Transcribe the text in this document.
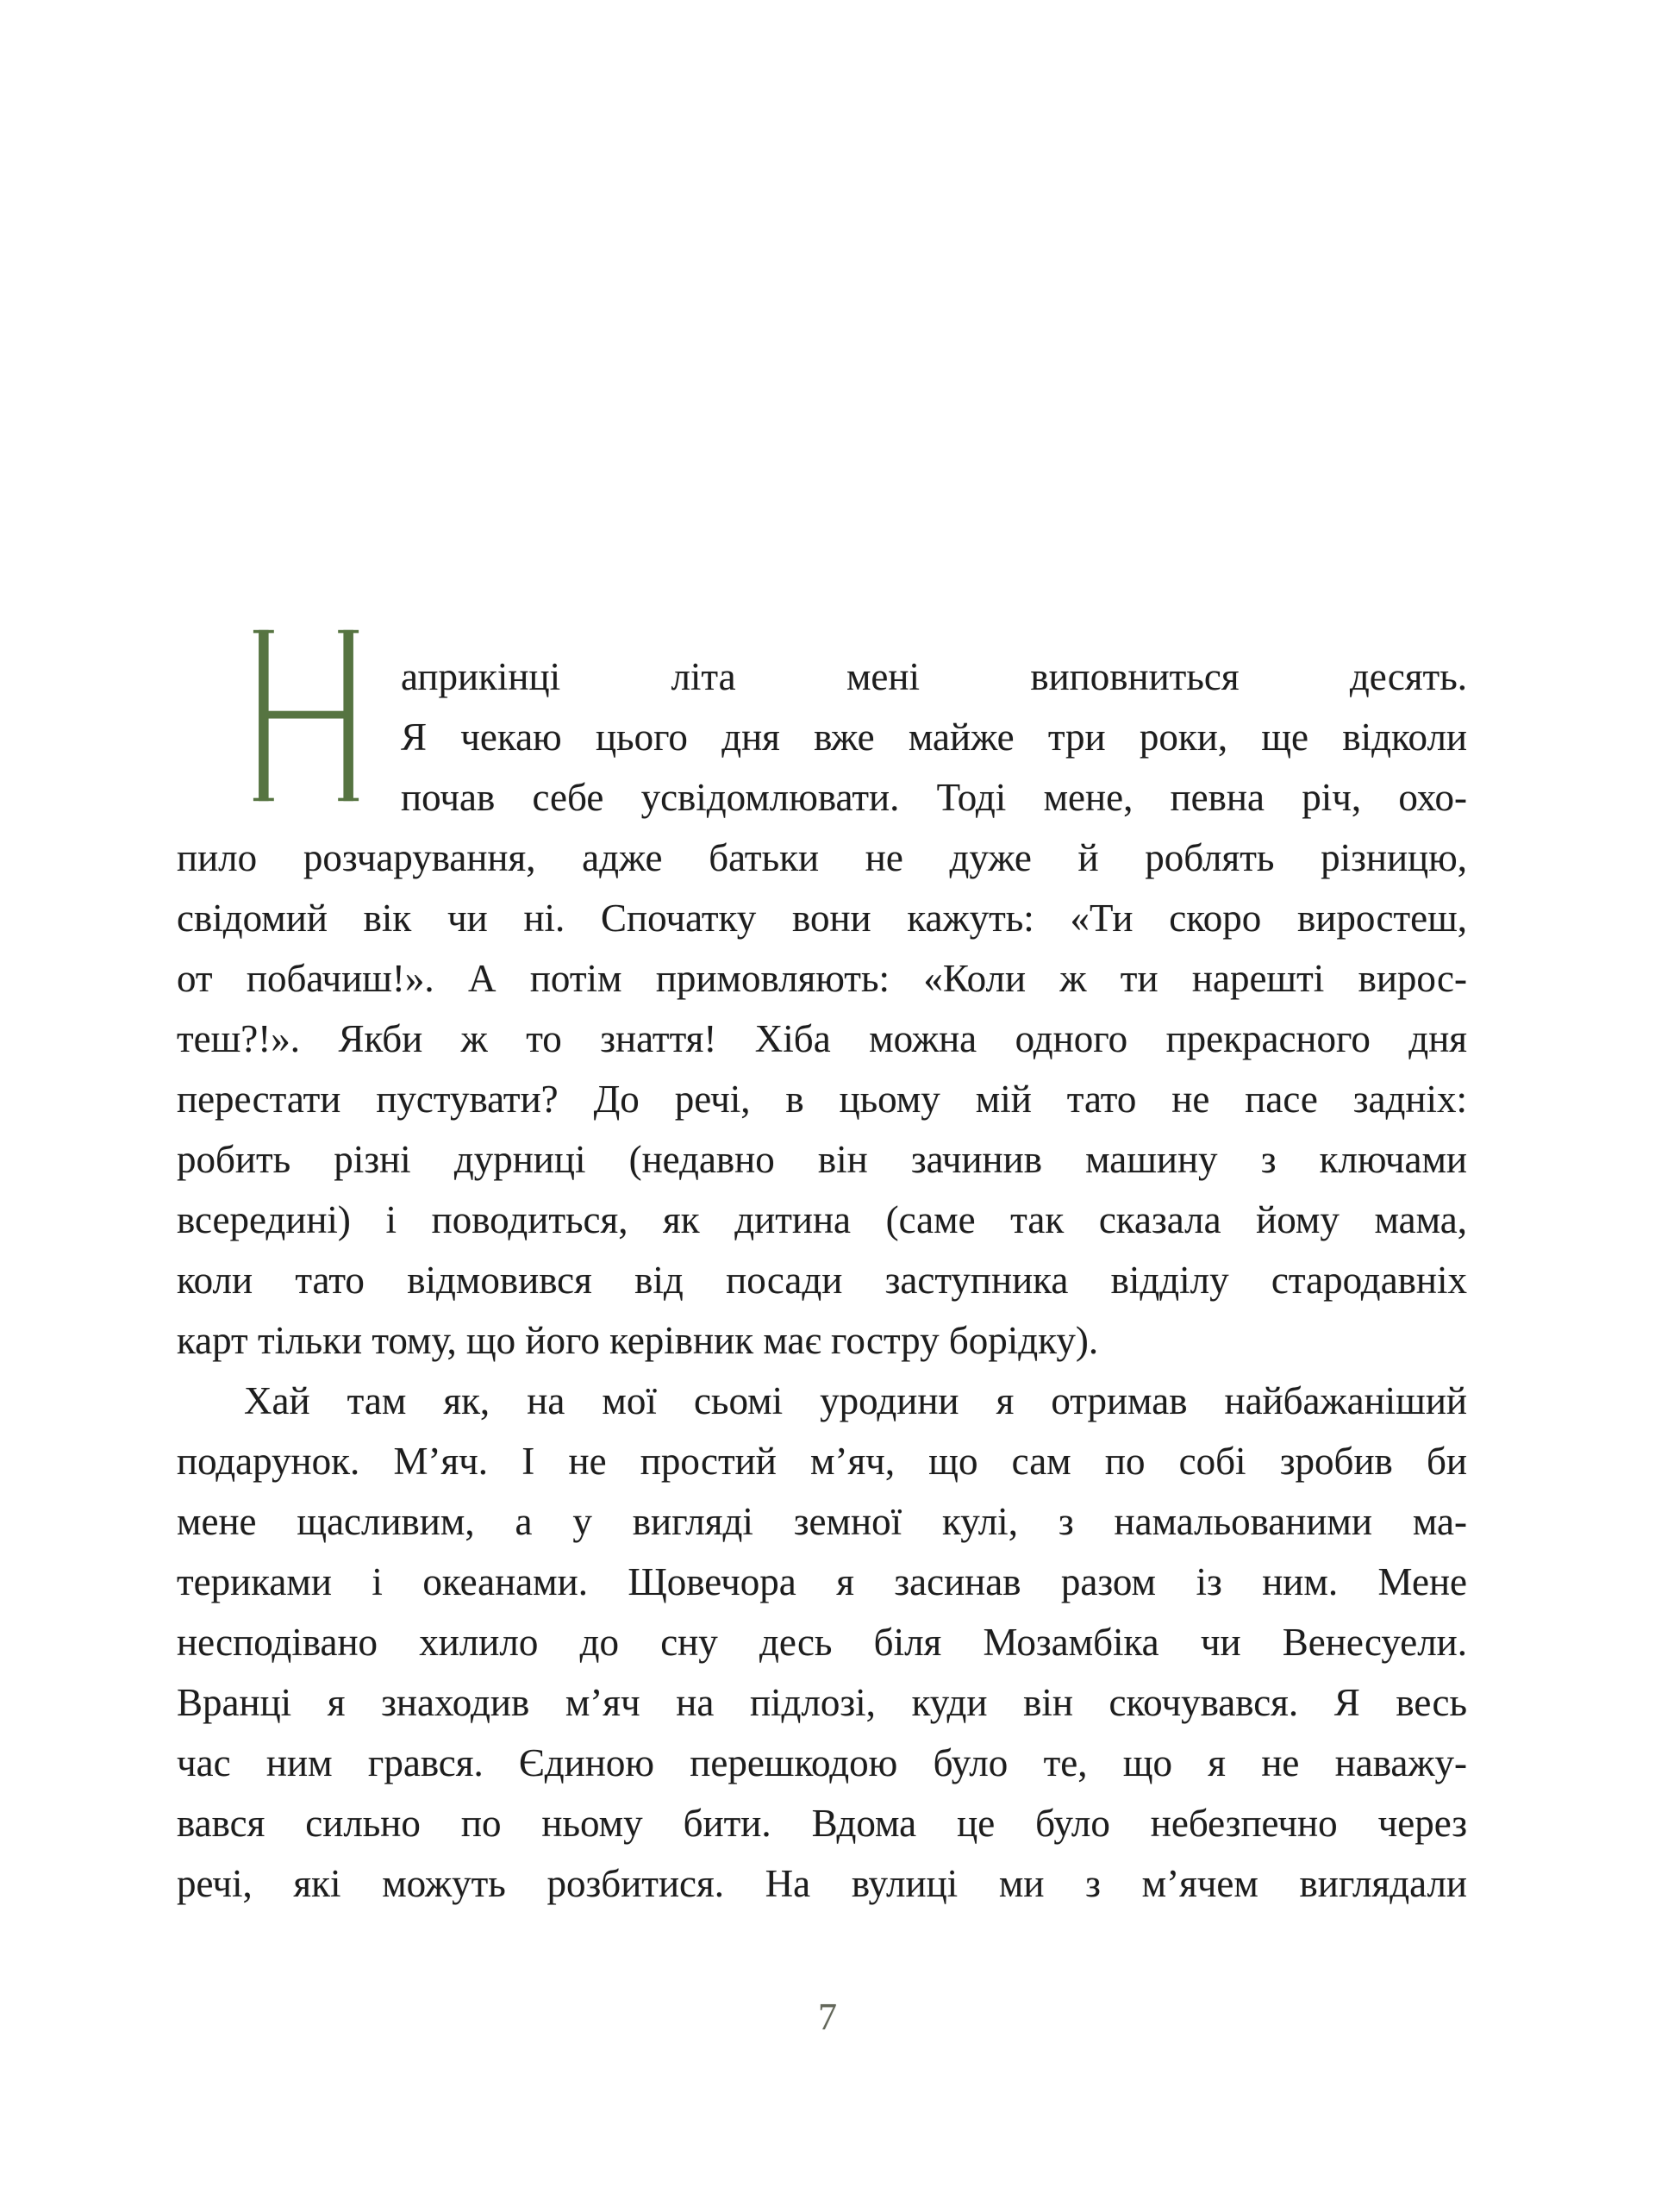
априкінці літа мені виповниться десять.
Я чекаю цього дня вже майже три роки, ще відколи
почав себе усвідомлювати. Тоді мене, певна річ, охо-
пило розчарування, адже батьки не дуже й роблять різницю,
свідомий вік чи ні. Спочатку вони кажуть: «Ти скоро виростеш,
от побачиш!». А потім примовляють: «Коли ж ти нарешті вирос-
теш?!». Якби ж то знаття! Хіба можна одного прекрасного дня
перестати пустувати? До речі, в цьому мій тато не пасе задніх:
робить різні дурниці (недавно він зачинив машину з ключами
всередині) і поводиться, як дитина (саме так сказала йому мама,
коли тато відмовився від посади заступника відділу стародавніх
карт тільки тому, що його керівник має гостру борідку).
Хай там як, на мої сьомі уродини я отримав найбажаніший
подарунок. М’яч. І не простий м’яч, що сам по собі зробив би
мене щасливим, а у вигляді земної кулі, з намальованими ма-
териками і океанами. Щовечора я засинав разом із ним. Мене
несподівано хилило до сну десь біля Мозамбіка чи Венесуели.
Вранці я знаходив м’яч на підлозі, куди він скочувався. Я весь
час ним грався. Єдиною перешкодою було те, що я не наважу-
вався сильно по ньому бити. Вдома це було небезпечно через
речі, які можуть розбитися. На вулиці ми з м’ячем виглядали
7
